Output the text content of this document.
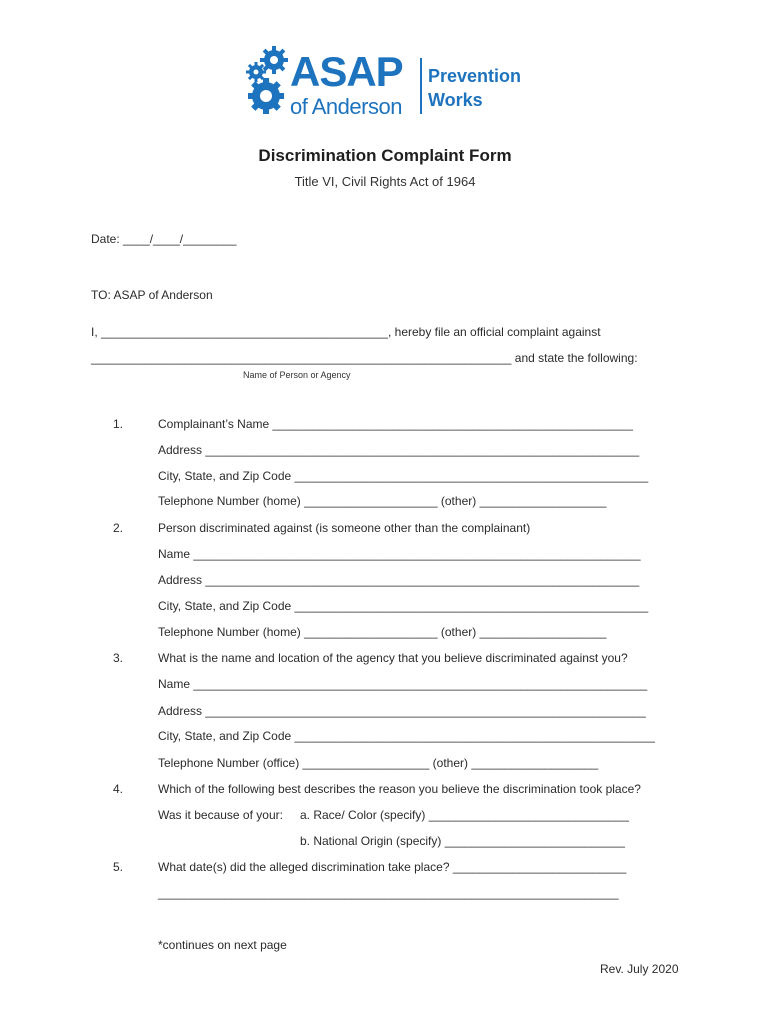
ASAP
of Anderson
Prevention
Works
Discrimination Complaint Form
Title VI, Civil Rights Act of 1964
Date: ____/____/________
TO: ASAP of Anderson
I, ___________________________________________, hereby file an official complaint against
_______________________________________________________________ and state the following:
Name of Person or Agency
1.	Complainant’s Name ______________________________________________________
Address _________________________________________________________________
City, State, and Zip Code _____________________________________________________
Telephone Number (home) ____________________ (other) ___________________
2.	Person discriminated against (is someone other than the complainant)
Name ___________________________________________________________________
Address _________________________________________________________________
City, State, and Zip Code _____________________________________________________
Telephone Number (home) ____________________ (other) ___________________
3.	What is the name and location of the agency that you believe discriminated against you?
Name ____________________________________________________________________
Address __________________________________________________________________
City, State, and Zip Code ______________________________________________________
Telephone Number (office) ___________________ (other) ___________________
4.	Which of the following best describes the reason you believe the discrimination took place?
Was it because of your: a. Race/ Color (specify) ______________________________
b. National Origin (specify) ___________________________
5.	What date(s) did the alleged discrimination take place? __________________________
_____________________________________________________________________
*continues on next page
Rev. July 2020
